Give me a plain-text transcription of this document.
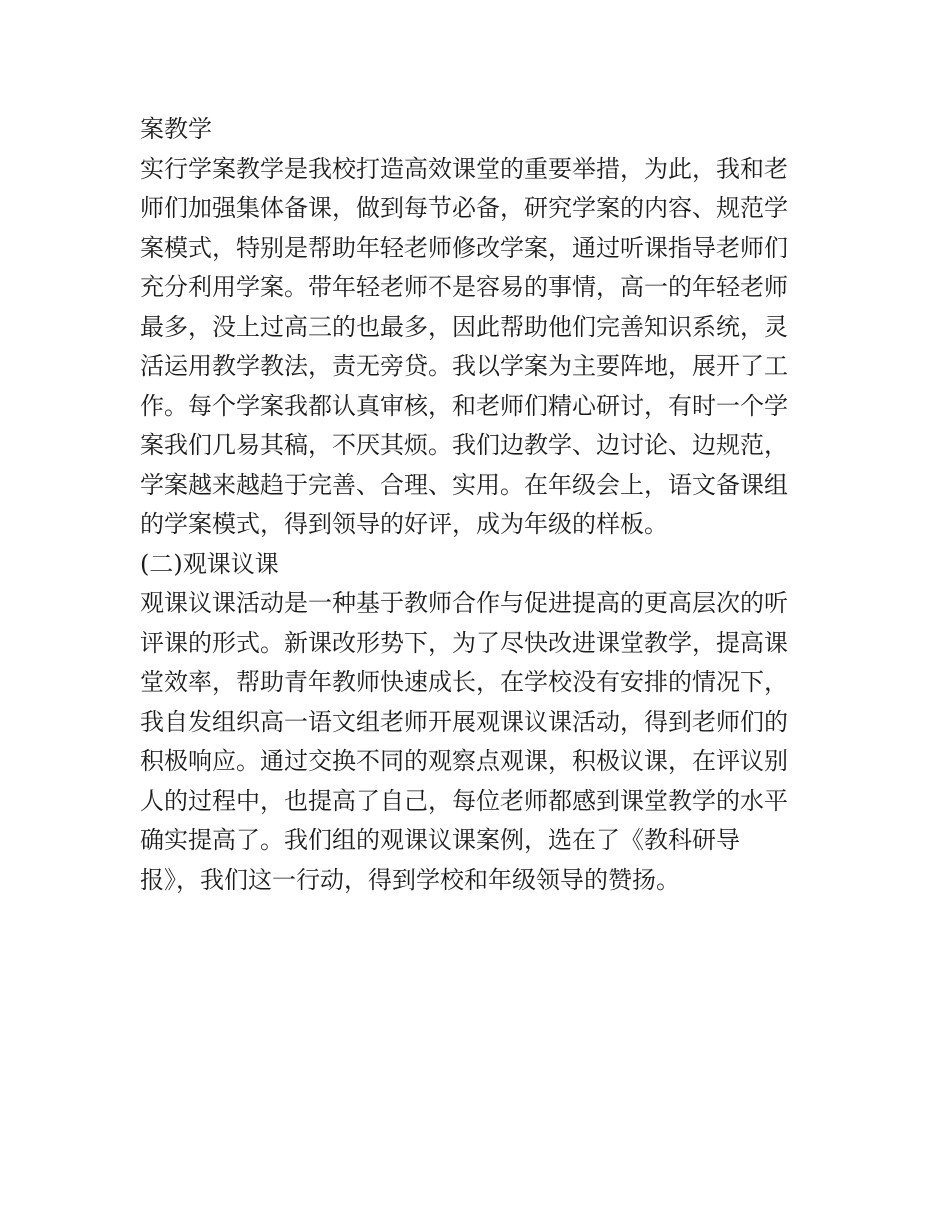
案教学
实行学案教学是我校打造高效课堂的重要举措，为此，我和老
师们加强集体备课，做到每节必备，研究学案的内容、规范学
案模式，特别是帮助年轻老师修改学案，通过听课指导老师们
充分利用学案。带年轻老师不是容易的事情，高一的年轻老师
最多，没上过高三的也最多，因此帮助他们完善知识系统，灵
活运用教学教法，责无旁贷。我以学案为主要阵地，展开了工
作。每个学案我都认真审核，和老师们精心研讨，有时一个学
案我们几易其稿，不厌其烦。我们边教学、边讨论、边规范，
学案越来越趋于完善、合理、实用。在年级会上，语文备课组
的学案模式，得到领导的好评，成为年级的样板。
(二)观课议课
观课议课活动是一种基于教师合作与促进提高的更高层次的听
评课的形式。新课改形势下，为了尽快改进课堂教学，提高课
堂效率，帮助青年教师快速成长，在学校没有安排的情况下，
我自发组织高一语文组老师开展观课议课活动，得到老师们的
积极响应。通过交换不同的观察点观课，积极议课，在评议别
人的过程中，也提高了自己，每位老师都感到课堂教学的水平
确实提高了。我们组的观课议课案例，选在了《教科研导
报》，我们这一行动，得到学校和年级领导的赞扬。
